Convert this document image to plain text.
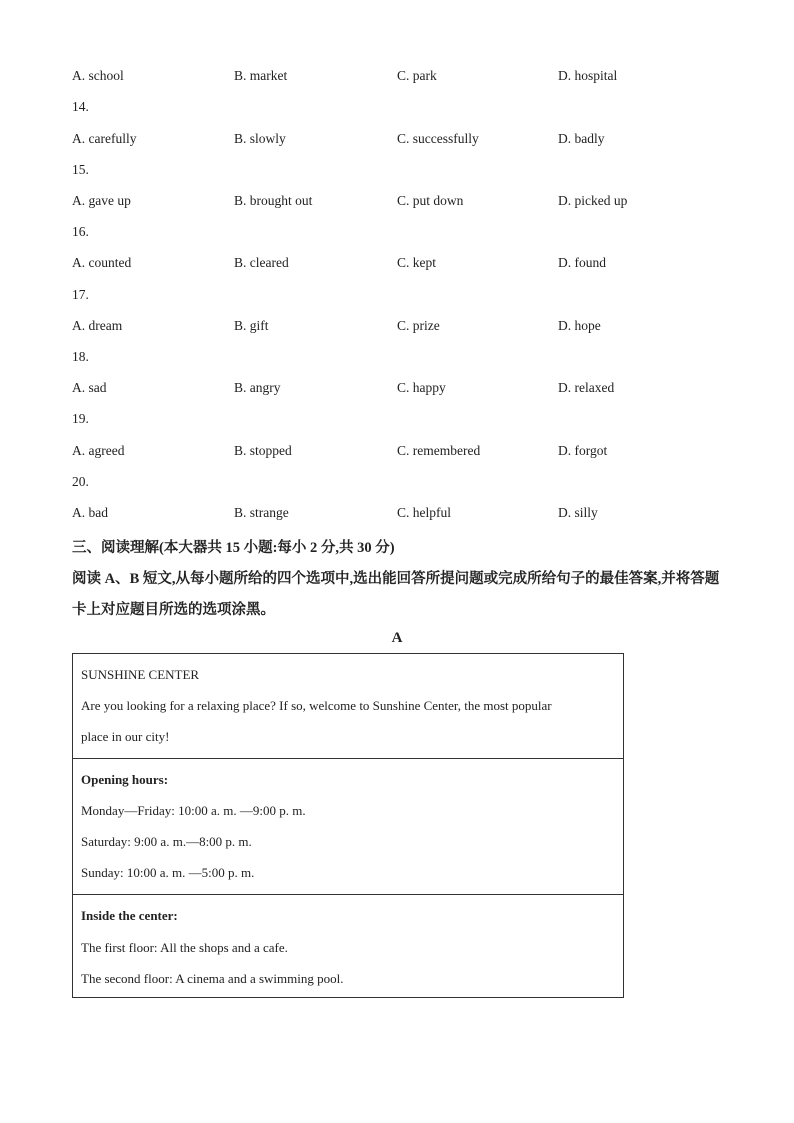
A. school	B. market	C. park	D. hospital
14.
A. carefully	B. slowly	C. successfully	D. badly
15.
A. gave up	B. brought out	C. put down	D. picked up
16.
A. counted	B. cleared	C. kept	D. found
17.
A. dream	B. gift	C. prize	D. hope
18.
A. sad	B. angry	C. happy	D. relaxed
19.
A. agreed	B. stopped	C. remembered	D. forgot
20.
A. bad	B. strange	C. helpful	D. silly
三、阅读理解(本大器共 15 小题:每小 2 分,共 30 分)
阅读 A、B 短文,从每小题所给的四个选项中,选出能回答所提问题或完成所给句子的最佳答案,并将答题卡上对应题目所选的选项涂黑。
A
SUNSHINE CENTER
Are you looking for a relaxing place? If so, welcome to Sunshine Center, the most popular
place in our city!
Opening hours:
Monday—Friday: 10:00 a. m. —9:00 p. m.
Saturday: 9:00 a. m.—8:00 p. m.
Sunday: 10:00 a. m. —5:00 p. m.
Inside the center:
The first floor: All the shops and a cafe.
The second floor: A cinema and a swimming pool.
